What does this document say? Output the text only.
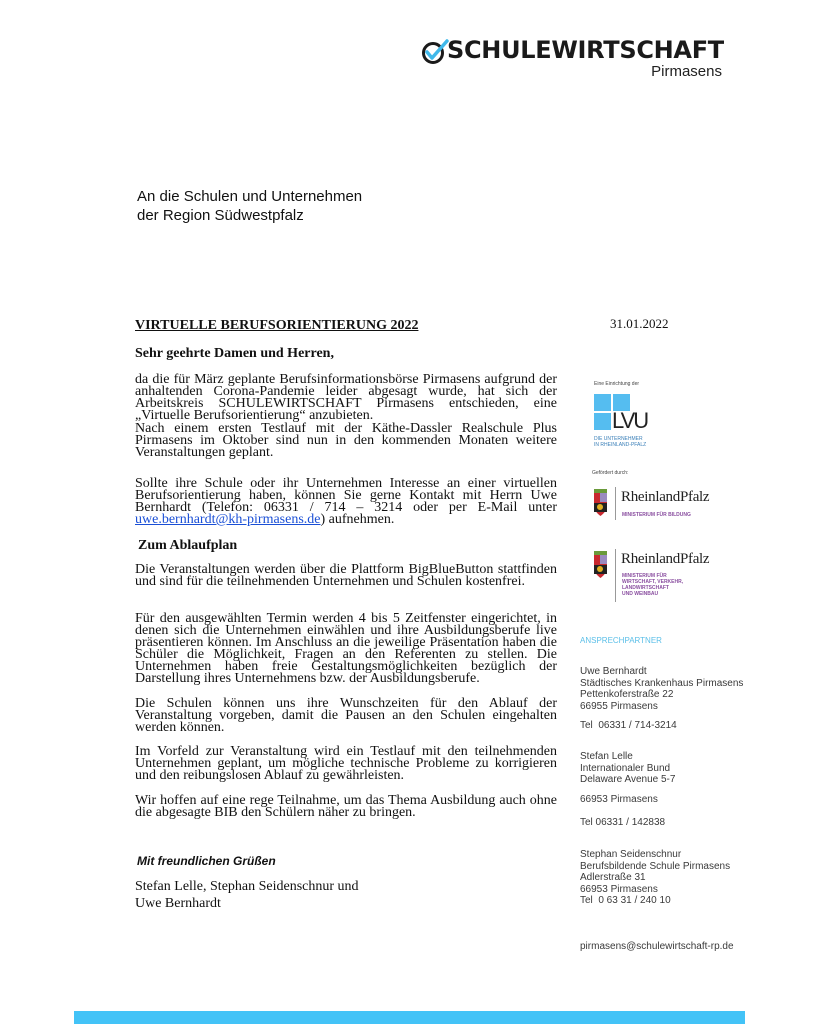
SCHULEWIRTSCHAFT
Pirmasens
An die Schulen und Unternehmen
der Region Südwestpfalz
VIRTUELLE BERUFSORIENTIERUNG 2022	31.01.2022
Sehr geehrte Damen und Herren,

da die für März geplante Berufsinformationsbörse Pirmasens aufgrund der anhaltenden Corona-Pandemie leider abgesagt wurde, hat sich der Arbeitskreis SCHULEWIRTSCHAFT Pirmasens entschieden, eine „Virtuelle Berufsorientierung“ anzubieten.

Nach einem ersten Testlauf mit der Käthe-Dassler Realschule Plus Pirmasens im Oktober sind nun in den kommenden Monaten weitere Veranstaltungen geplant.

Sollte ihre Schule oder ihr Unternehmen Interesse an einer virtuellen Berufsorientierung haben, können Sie gerne Kontakt mit Herrn Uwe Bernhardt (Telefon: 06331 / 714 – 3214 oder per E-Mail unter uwe.bernhardt@kh-pirmasens.de) aufnehmen.

Zum Ablaufplan

Die Veranstaltungen werden über die Plattform BigBlueButton stattfinden und sind für die teilnehmenden Unternehmen und Schulen kostenfrei.

Für den ausgewählten Termin werden 4 bis 5 Zeitfenster eingerichtet, in denen sich die Unternehmen einwählen und ihre Ausbildungsberufe live präsentieren können. Im Anschluss an die jeweilige Präsentation haben die Schüler die Möglichkeit, Fragen an den Referenten zu stellen. Die Unternehmen haben freie Gestaltungsmöglichkeiten bezüglich der Darstellung ihres Unternehmens bzw. der Ausbildungsberufe.

Die Schulen können uns ihre Wunschzeiten für den Ablauf der Veranstaltung vorgeben, damit die Pausen an den Schulen eingehalten werden können.

Im Vorfeld zur Veranstaltung wird ein Testlauf mit den teilnehmenden Unternehmen geplant, um mögliche technische Probleme zu korrigieren und den reibungslosen Ablauf zu gewährleisten.

Wir hoffen auf eine rege Teilnahme, um das Thema Ausbildung auch ohne die abgesagte BIB den Schülern näher zu bringen.

Mit freundlichen Grüßen
Stefan Lelle, Stephan Seidenschnur und Uwe Bernhardt
Eine Einrichtung der
LVU
DIE UNTERNEHMER
IN RHEINLAND-PFALZ
Gefördert durch:
RheinlandPfalz
MINISTERIUM FÜR BILDUNG
RheinlandPfalz
MINISTERIUM FÜR
WIRTSCHAFT, VERKEHR,
LANDWIRTSCHAFT
UND WEINBAU
ANSPRECHPARTNER
Uwe Bernhardt
Städtisches Krankenhaus Pirmasens
Pettenkoferstraße 22
66955 Pirmasens
Tel  06331 / 714-3214
Stefan Lelle
Internationaler Bund
Delaware Avenue 5-7
66953 Pirmasens
Tel 06331 / 142838
Stephan Seidenschnur
Berufsbildende Schule Pirmasens
Adlerstraße 31
66953 Pirmasens
Tel  0 63 31 / 240 10
pirmasens@schulewirtschaft-rp.de
